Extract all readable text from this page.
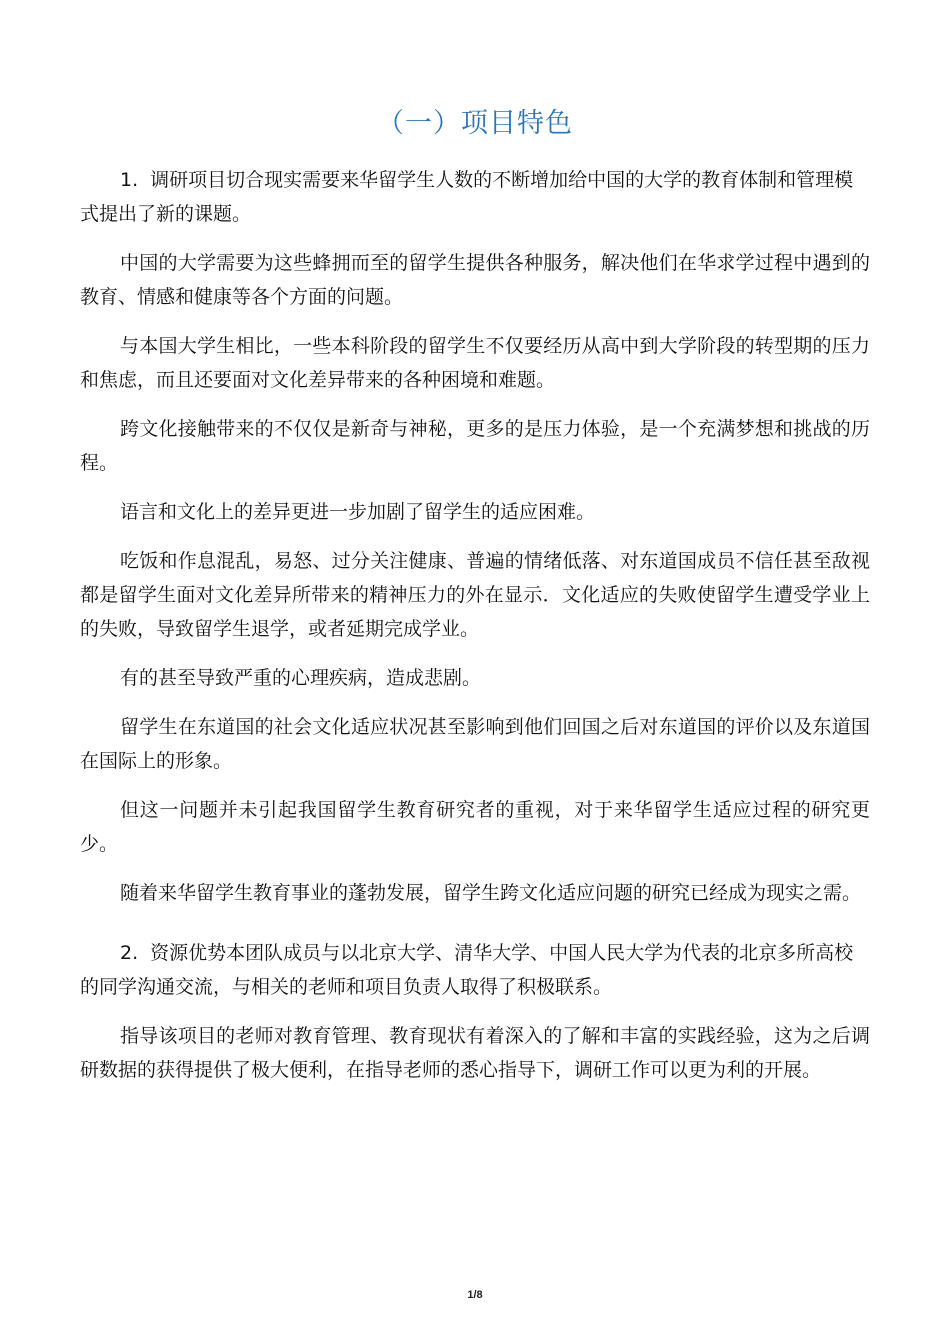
（一）项目特色

1. 调研项目切合现实需要来华留学生人数的不断增加给中国的大学的教育体制和管理模式提出了新的课题。

中国的大学需要为这些蜂拥而至的留学生提供各种服务，解决他们在华求学过程中遇到的教育、情感和健康等各个方面的问题。

与本国大学生相比，一些本科阶段的留学生不仅要经历从高中到大学阶段的转型期的压力和焦虑，而且还要面对文化差异带来的各种困境和难题。

跨文化接触带来的不仅仅是新奇与神秘，更多的是压力体验，是一个充满梦想和挑战的历程。

语言和文化上的差异更进一步加剧了留学生的适应困难。

吃饭和作息混乱，易怒、过分关注健康、普遍的情绪低落、对东道国成员不信任甚至敌视都是留学生面对文化差异所带来的精神压力的外在显示．文化适应的失败使留学生遭受学业上的失败，导致留学生退学，或者延期完成学业。

有的甚至导致严重的心理疾病，造成悲剧。

留学生在东道国的社会文化适应状况甚至影响到他们回国之后对东道国的评价以及东道国在国际上的形象。

但这一问题并未引起我国留学生教育研究者的重视，对于来华留学生适应过程的研究更少。

随着来华留学生教育事业的蓬勃发展，留学生跨文化适应问题的研究已经成为现实之需。

2. 资源优势本团队成员与以北京大学、清华大学、中国人民大学为代表的北京多所高校的同学沟通交流，与相关的老师和项目负责人取得了积极联系。

指导该项目的老师对教育管理、教育现状有着深入的了解和丰富的实践经验，这为之后调研数据的获得提供了极大便利，在指导老师的悉心指导下，调研工作可以更为利的开展。

1/8
